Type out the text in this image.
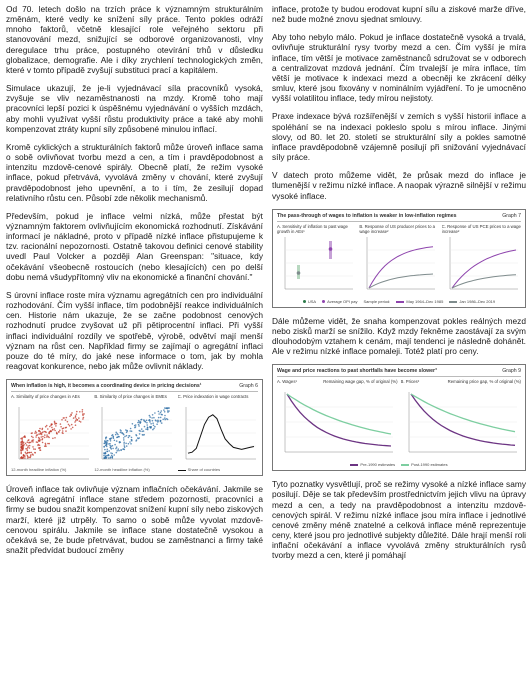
Od 70. letech došlo na trzích práce k významným strukturálním změnám, které vedly ke snížení síly práce. Tento pokles odráží mnoho faktorů, včetně klesající role veřejného sektoru při stanovování mezd, snižující se odborové organizovanosti, vlny deregulace trhu práce, postupného otevírání trhů v důsledku globalizace, demografie. Ale i díky zrychlení technologických změn, které v tomto případě zvyšují substituci prací a kapitálem.

Simulace ukazují, že je-li vyjednávací síla pracovníků vysoká, zvyšuje se vliv nezaměstnanosti na mzdy. Kromě toho mají pracovníci lepší pozici k úspěšnému vyjednávání o vyšších mzdách, aby mohli využívat vyšší růstu produktivity práce a také aby mohli kompenzovat ztráty kupní síly způsobené minulou inflací.

Kromě cyklických a strukturálních faktorů může úroveň inflace sama o sobě ovlivňovat tvorbu mezd a cen, a tím i pravděpodobnost a intenzitu mzdově-cenové spirály. Obecně platí, že režim vysoké inflace, pokud přetrvává, vyvolává změny v chování, které zvyšují pravděpodobnost jeho upevnění, a to i tím, že zesilují dopad relativního růstu cen. Působí zde několik mechanismů.

Především, pokud je inflace velmi nízká, může přestat být významným faktorem ovlivňujícím ekonomická rozhodnutí. Získávání informací je nákladné, proto v případě nízké inflace přistupujeme k tzv. racionální nepozornosti. Ostatně takovou definici cenové stability uvedl Paul Volcker a později Alan Greenspan: "situace, kdy očekávání všeobecně rostoucích (nebo klesajících) cen po delší dobu nemá všudypřítomný vliv na ekonomické a finanční chování."

S úrovní inflace roste míra významu agregátních cen pro individuální rozhodování. Čím vyšší inflace, tím podobnější reakce individuálních cen. Historie nám ukazuje, že se začne podobnost cenových rozhodnutí prudce zvyšovat už při pětiprocentní inflaci. Při vyšší inflaci individuální rozdíly ve spotřebě, výrobě, odvětví mají menší význam na růst cen. Například firmy se zajímají o agregátní inflaci pouze do té míry, do jaké nese informace o tom, jak by mohla reagovat konkurence, nebo jak může ovlivnit náklady.

When inflation is high, it becomes a coordinating device in pricing decisions¹	Graph 6
A. Similarity of price changes in AEs
12-month headline inflation (%)
B. Similarity of price changes in EMEs
12-month headline inflation (%)
C. Price indexation in wage contracts
Share of countries

Úroveň inflace tak ovlivňuje význam inflačních očekávání. Jakmile se celková agregátní inflace stane středem pozornosti, pracovníci a firmy se budou snažit kompenzovat snížení kupní síly nebo ziskových marží, které již utrpěly. To samo o sobě může vyvolat mzdově-cenovou spirálu. Jakmile se inflace stane dostatečně vysokou a očekává se, že bude přetrvávat, budou se zaměstnanci a firmy také snažit předvídat budoucí změny

inflace, protože ty budou erodovat kupní sílu a ziskové marže dříve, než bude možné znovu sjednat smlouvy.

Aby toho nebylo málo. Pokud je inflace dostatečně vysoká a trvalá, ovlivňuje strukturální rysy tvorby mezd a cen. Čím vyšší je míra inflace, tím větší je motivace zaměstnanců sdružovat se v odborech a centralizovat mzdová jednání. Čím trvalejší je míra inflace, tím větší je motivace k indexaci mezd a obecněji ke zkrácení délky smluv, které jsou fixovány v nominálním vyjádření. To je umocněno vyšší volatilitou inflace, tedy mírou nejistoty.

Praxe indexace bývá rozšířenější v zemích s vyšší historií inflace a spoléhání se na indexaci pokleslo spolu s mírou inflace. Jinými slovy, od 80. let 20. století se strukturální síly a pokles samotné inflace pravděpodobně vzájemně posilují při snižování vyjednávací síly práce.

V datech proto můžeme vidět, že průsak mezd do inflace je tlumenější v režimu nízké inflace. A naopak výrazně silnější v režimu vysoké inflace.

The pass-through of wages to inflation is weaker in low-inflation regimes	Graph 7
A. Sensitivity of inflation to past wage growth in AEs¹
B. Response of US producer prices to a wage increase²
C. Response of US PCE prices to a wage increase²
USA	Average OPI pay Sample period:	May 1964–Dec 1985	Jan 1986–Dec 2019

Dále můžeme vidět, že snaha kompenzovat pokles reálných mezd nebo zisků marží se snížilo. Když mzdy řekněme zaostávají za svým dlouhodobým vztahem k cenám, mají tendenci je následně dohánět. Ale v režimu nízké inflace pomaleji. Totéž platí pro ceny.

Wage and price reactions to past shortfalls have become slower³	Graph 9
A. Wages¹	Remaining wage gap, % of original (%) B. Prices²	Remaining price gap, % of original (%)
Pre-1990 estimates	Post-1990 estimates

Tyto poznatky vysvětlují, proč se režimy vysoké a nízké inflace samy posilují. Děje se tak především prostřednictvím jejich vlivu na úpravy mezd a cen, a tedy na pravděpodobnost a intenzitu mzdově-cenových spirál. V režimu nízké inflace jsou míra inflace i jednotlivé cenové změny méně znatelné a celková inflace méně reprezentuje ceny, které jsou pro jednotlivé subjekty důležité. Dále hrají menší roli inflační očekávání a inflace vyvolává změny strukturálních rysů tvorby mezd a cen, které ji pomáhají
